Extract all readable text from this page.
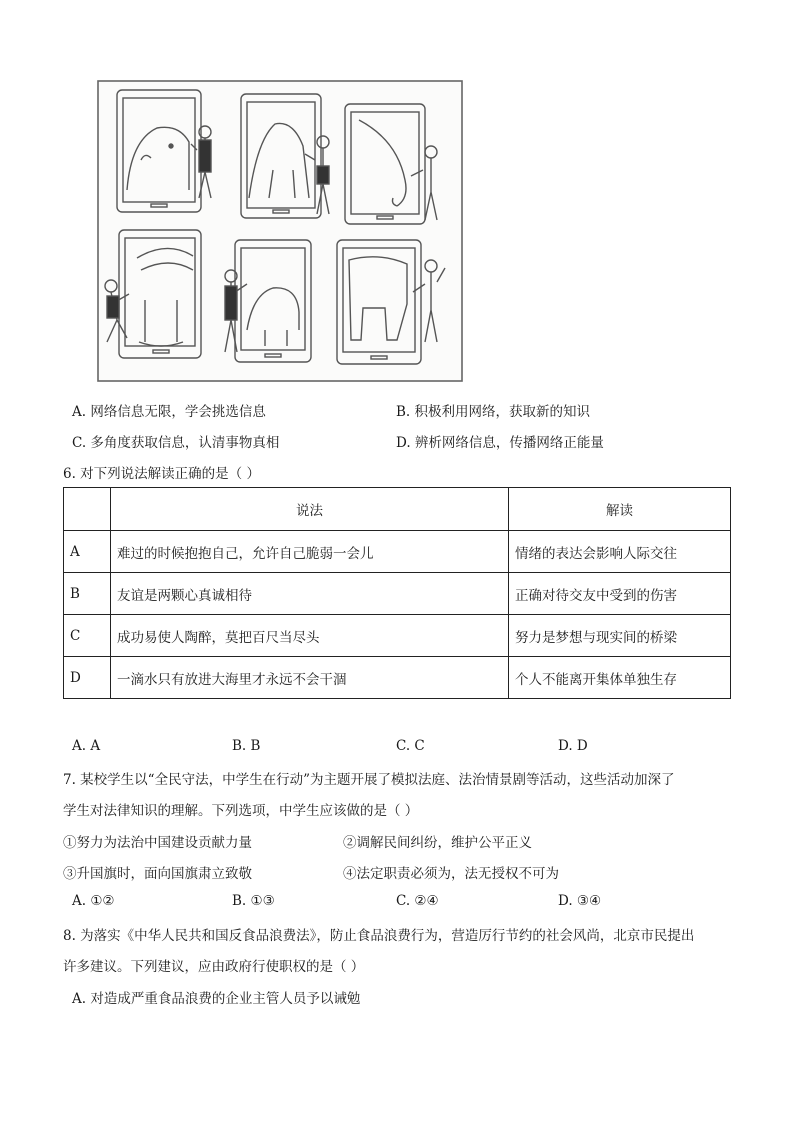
A. 网络信息无限，学会挑选信息	B. 积极利用网络，获取新的知识
C. 多角度获取信息，认清事物真相	D. 辨析网络信息，传播网络正能量
6. 对下列说法解读正确的是（ ）
	说法	解读
A	难过的时候抱抱自己，允许自己脆弱一会儿	情绪的表达会影响人际交往
B	友谊是两颗心真诚相待	正确对待交友中受到的伤害
C	成功易使人陶醉，莫把百尺当尽头	努力是梦想与现实间的桥梁
D	一滴水只有放进大海里才永远不会干涸	个人不能离开集体单独生存
A. A	B. B	C. C	D. D
7. 某校学生以“全民守法，中学生在行动”为主题开展了模拟法庭、法治情景剧等活动，这些活动加深了
学生对法律知识的理解。下列选项，中学生应该做的是（ ）
①努力为法治中国建设贡献力量	②调解民间纠纷，维护公平正义
③升国旗时，面向国旗肃立致敬	④法定职责必须为，法无授权不可为
A. ①②	B. ①③	C. ②④	D. ③④
8. 为落实《中华人民共和国反食品浪费法》，防止食品浪费行为，营造厉行节约的社会风尚，北京市民提出
许多建议。下列建议，应由政府行使职权的是（ ）
A. 对造成严重食品浪费的企业主管人员予以诫勉
